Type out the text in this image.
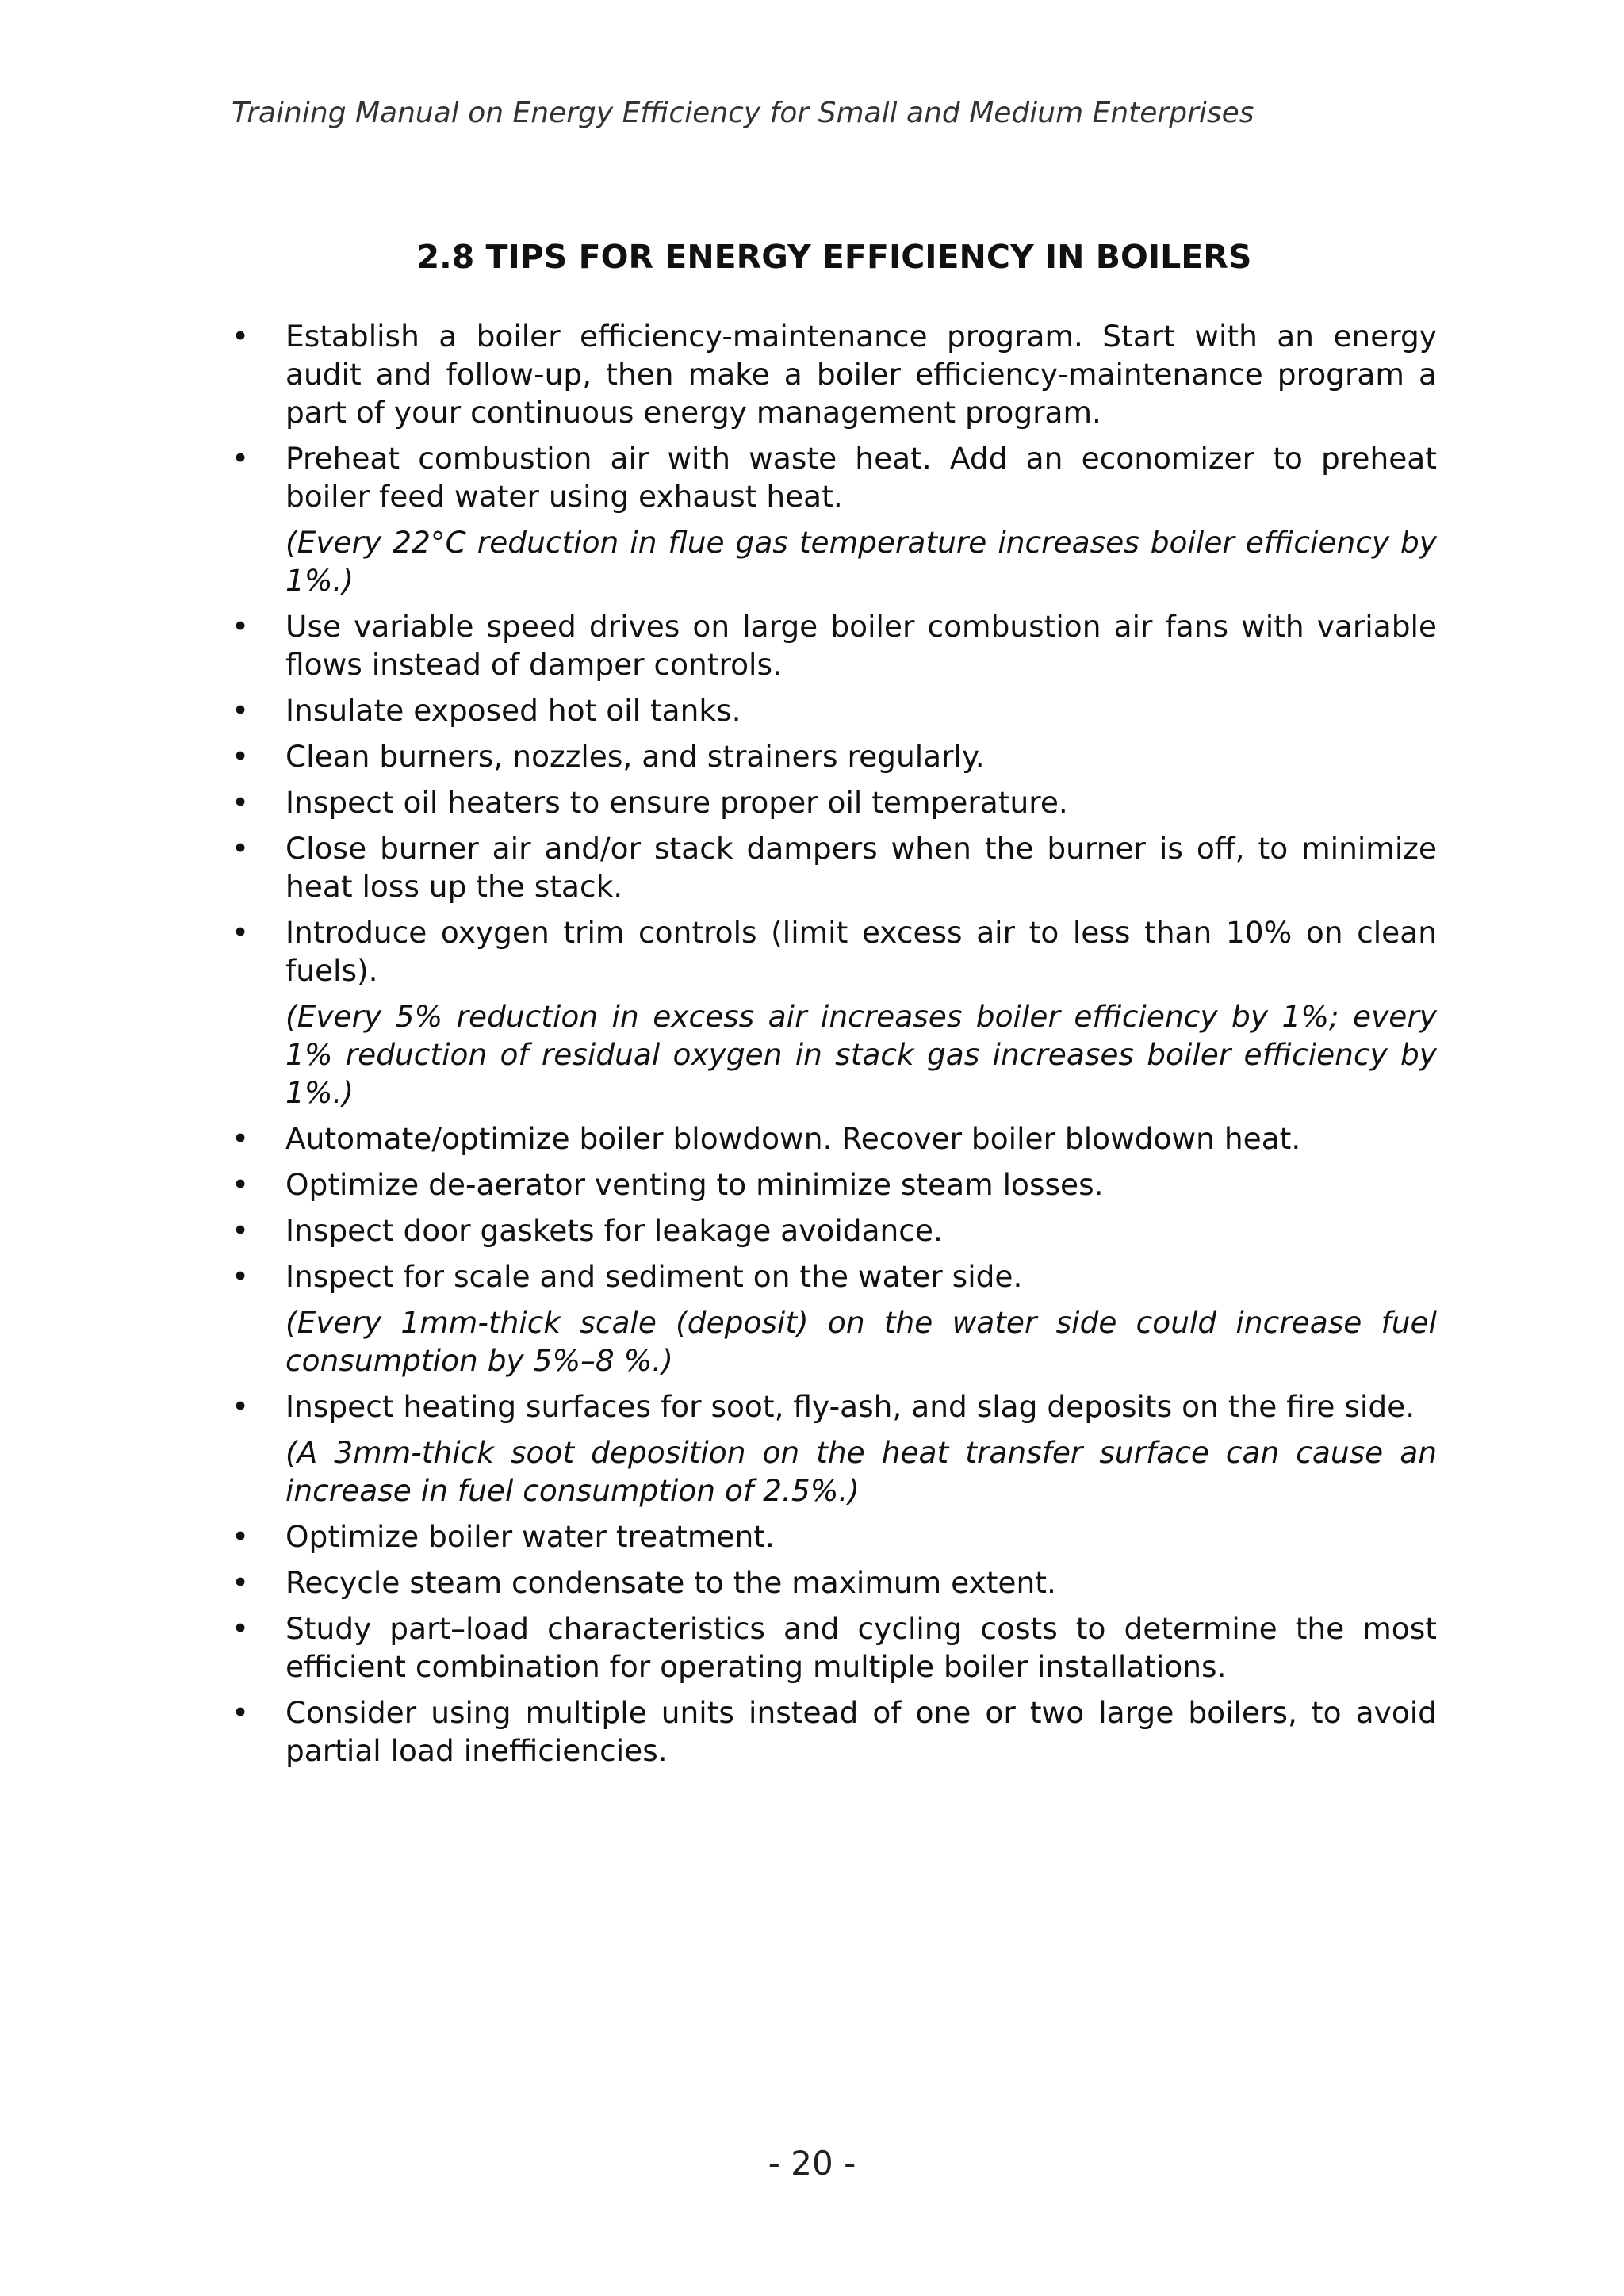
Training Manual on Energy Efficiency for Small and Medium Enterprises
2.8 TIPS FOR ENERGY EFFICIENCY IN BOILERS
• Establish a boiler efficiency-maintenance program. Start with an energy audit and follow-up, then make a boiler efficiency-maintenance program a part of your continuous energy management program.
• Preheat combustion air with waste heat. Add an economizer to preheat boiler feed water using exhaust heat.
(Every 22°C reduction in flue gas temperature increases boiler efficiency by 1%.)
• Use variable speed drives on large boiler combustion air fans with variable flows instead of damper controls.
• Insulate exposed hot oil tanks.
• Clean burners, nozzles, and strainers regularly.
• Inspect oil heaters to ensure proper oil temperature.
• Close burner air and/or stack dampers when the burner is off, to minimize heat loss up the stack.
• Introduce oxygen trim controls (limit excess air to less than 10% on clean fuels).
(Every 5% reduction in excess air increases boiler efficiency by 1%; every 1% reduction of residual oxygen in stack gas increases boiler efficiency by 1%.)
• Automate/optimize boiler blowdown. Recover boiler blowdown heat.
• Optimize de-aerator venting to minimize steam losses.
• Inspect door gaskets for leakage avoidance.
• Inspect for scale and sediment on the water side.
(Every 1mm-thick scale (deposit) on the water side could increase fuel consumption by 5%–8 %.)
• Inspect heating surfaces for soot, fly-ash, and slag deposits on the fire side.
(A 3mm-thick soot deposition on the heat transfer surface can cause an increase in fuel consumption of 2.5%.)
• Optimize boiler water treatment.
• Recycle steam condensate to the maximum extent.
• Study part–load characteristics and cycling costs to determine the most efficient combination for operating multiple boiler installations.
• Consider using multiple units instead of one or two large boilers, to avoid partial load inefficiencies.
- 20 -
